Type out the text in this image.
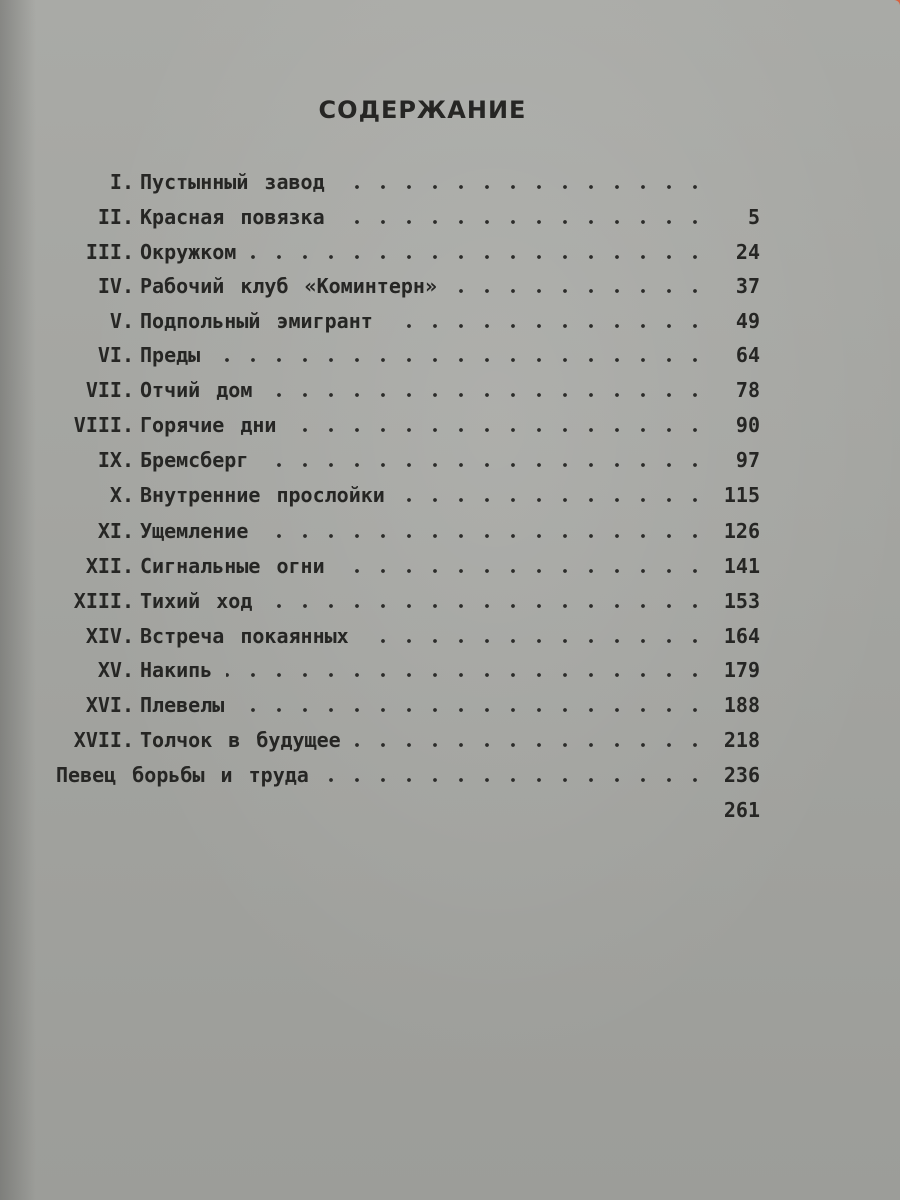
СОДЕРЖАНИЕ
I. Пустынный завод
II. Красная повязка	5
III. Окружком	24
IV. Рабочий клуб «Коминтерн»	37
V. Подпольный эмигрант	49
VI. Преды	64
VII. Отчий дом	78
VIII. Горячие дни	90
IX. Бремсберг	97
X. Внутренние прослойки	115
XI. Ущемление	126
XII. Сигнальные огни	141
XIII. Тихий ход	153
XIV. Встреча покаянных	164
XV. Накипь	179
XVI. Плевелы	188
XVII. Толчок в будущее	218
Певец борьбы и труда	236
261
